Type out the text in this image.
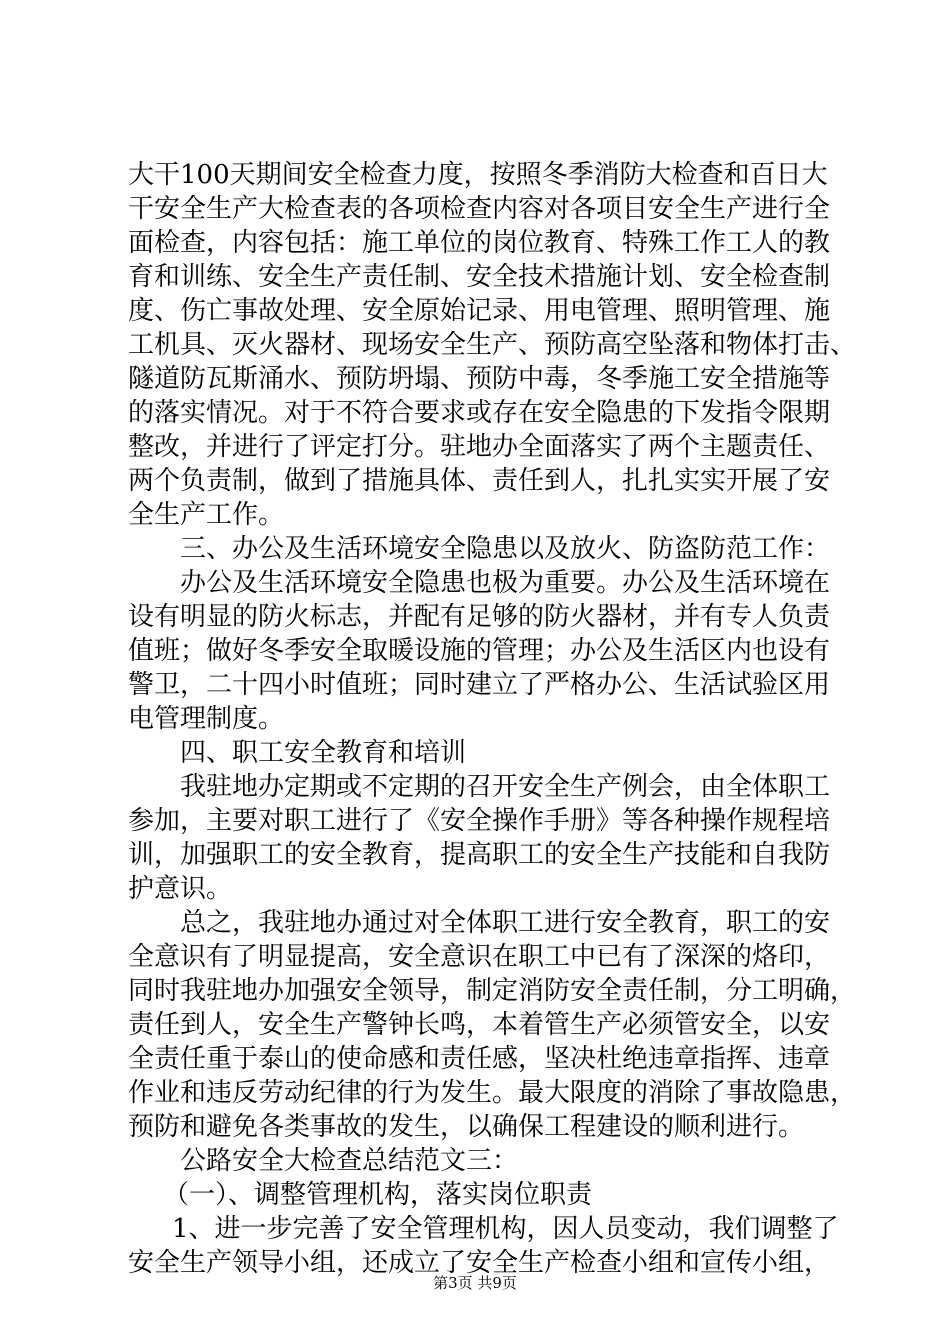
大干100天期间安全检查力度，按照冬季消防大检查和百日大
干安全生产大检查表的各项检查内容对各项目安全生产进行全
面检查，内容包括：施工单位的岗位教育、特殊工作工人的教
育和训练、安全生产责任制、安全技术措施计划、安全检查制
度、伤亡事故处理、安全原始记录、用电管理、照明管理、施
工机具、灭火器材、现场安全生产、预防高空坠落和物体打击、
隧道防瓦斯涌水、预防坍塌、预防中毒，冬季施工安全措施等
的落实情况。对于不符合要求或存在安全隐患的下发指令限期
整改，并进行了评定打分。驻地办全面落实了两个主题责任、
两个负责制，做到了措施具体、责任到人，扎扎实实开展了安
全生产工作。
三、办公及生活环境安全隐患以及放火、防盗防范工作：
办公及生活环境安全隐患也极为重要。办公及生活环境在
设有明显的防火标志，并配有足够的防火器材，并有专人负责
值班；做好冬季安全取暖设施的管理；办公及生活区内也设有
警卫，二十四小时值班；同时建立了严格办公、生活试验区用
电管理制度。
四、职工安全教育和培训
我驻地办定期或不定期的召开安全生产例会，由全体职工
参加，主要对职工进行了《安全操作手册》等各种操作规程培
训，加强职工的安全教育，提高职工的安全生产技能和自我防
护意识。
总之，我驻地办通过对全体职工进行安全教育，职工的安
全意识有了明显提高，安全意识在职工中已有了深深的烙印，
同时我驻地办加强安全领导，制定消防安全责任制，分工明确，
责任到人，安全生产警钟长鸣，本着管生产必须管安全，以安
全责任重于泰山的使命感和责任感，坚决杜绝违章指挥、违章
作业和违反劳动纪律的行为发生。最大限度的消除了事故隐患，
预防和避免各类事故的发生，以确保工程建设的顺利进行。
公路安全大检查总结范文三：
（一）、调整管理机构，落实岗位职责
1、进一步完善了安全管理机构，因人员变动，我们调整了
安全生产领导小组，还成立了安全生产检查小组和宣传小组，
第3页 共9页
